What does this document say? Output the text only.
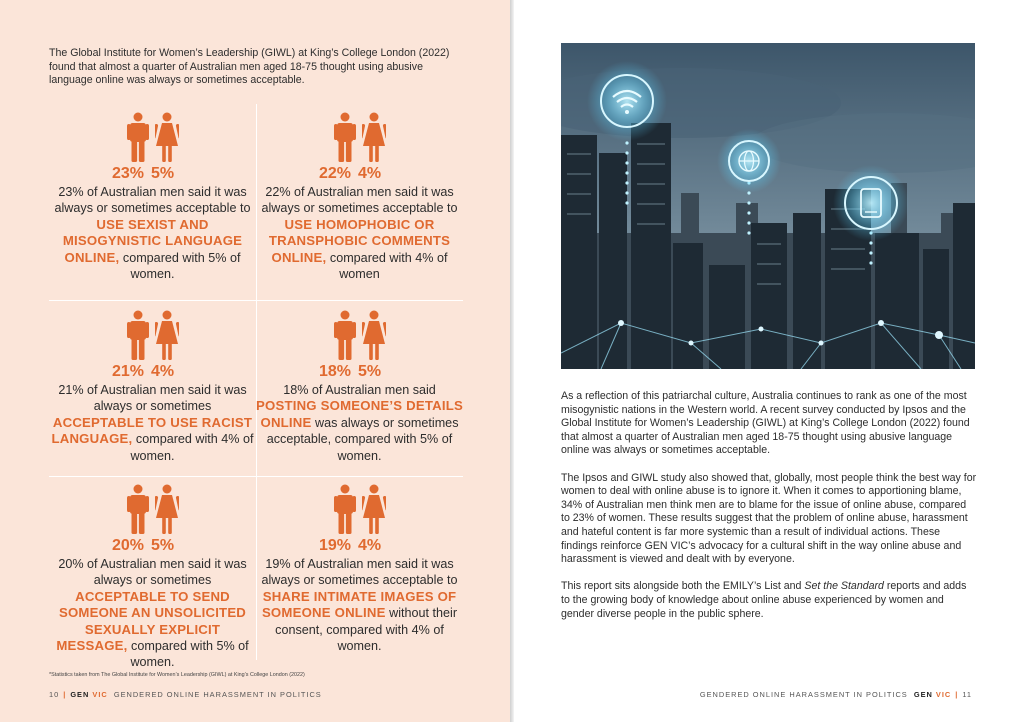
The Global Institute for Women’s Leadership (GIWL) at King’s College London (2022) found that almost a quarter of Australian men aged 18-75 thought using abusive language online was always or sometimes acceptable.

23% 5%

23% of Australian men said it was always or sometimes acceptable to USE SEXIST AND MISOGYNISTIC LANGUAGE ONLINE, compared with 5% of women.

22% 4%

22% of Australian men said it was always or sometimes acceptable to USE HOMOPHOBIC OR TRANSPHOBIC COMMENTS ONLINE, compared with 4% of women

21% 4%

21% of Australian men said it was always or sometimes ACCEPTABLE TO USE RACIST LANGUAGE, compared with 4% of women.

18% 5%

18% of Australian men said POSTING SOMEONE’S DETAILS ONLINE was always or sometimes acceptable, compared with 5% of women.

20% 5%

20% of Australian men said it was always or sometimes ACCEPTABLE TO SEND SOMEONE AN UNSOLICITED SEXUALLY EXPLICIT MESSAGE, compared with 5% of women.

19% 4%

19% of Australian men said it was always or sometimes acceptable to SHARE INTIMATE IMAGES OF SOMEONE ONLINE without their consent, compared with 4% of women.

*Statistics taken from The Global Institute for Women’s Leadership (GIWL) at King’s College London (2022)
10 | GEN VIC GENDERED ONLINE HARASSMENT IN POLITICS

As a reflection of this patriarchal culture, Australia continues to rank as one of the most misogynistic nations in the Western world. A recent survey conducted by Ipsos and the Global Institute for Women’s Leadership (GIWL) at King’s College London (2022) found that almost a quarter of Australian men aged 18-75 thought using abusive language online was always or sometimes acceptable.

The Ipsos and GIWL study also showed that, globally, most people think the best way for women to deal with online abuse is to ignore it. When it comes to apportioning blame, 34% of Australian men think men are to blame for the issue of online abuse, compared to 23% of women. These results suggest that the problem of online abuse, harassment and hateful content is far more systemic than a result of individual actions. These findings reinforce GEN VIC’s advocacy for a cultural shift in the way online abuse and harassment is viewed and dealt with by everyone.

This report sits alongside both the EMILY’s List and Set the Standard reports and adds to the growing body of knowledge about online abuse experienced by women and gender diverse people in the public sphere.

GENDERED ONLINE HARASSMENT IN POLITICS GEN VIC | 11
